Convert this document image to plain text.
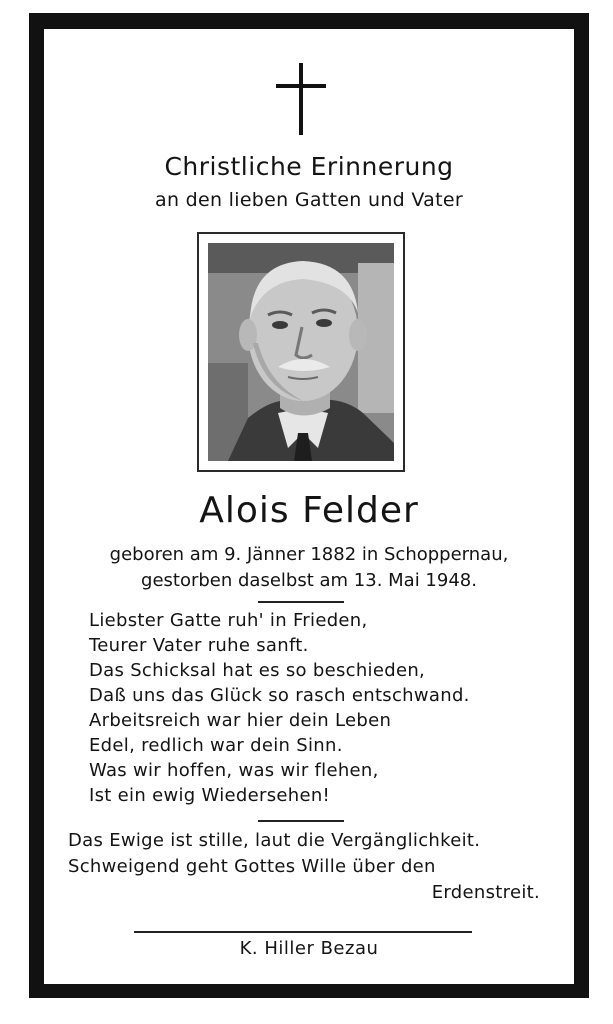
Christliche Erinnerung
an den lieben Gatten und Vater
Alois Felder
geboren am 9. Jänner 1882 in Schoppernau,
gestorben daselbst am 13. Mai 1948.
Liebster Gatte ruh' in Frieden,
Teurer Vater ruhe sanft.
Das Schicksal hat es so beschieden,
Daß uns das Glück so rasch entschwand.
Arbeitsreich war hier dein Leben
Edel, redlich war dein Sinn.
Was wir hoffen, was wir flehen,
Ist ein ewig Wiedersehen!
Das Ewige ist stille, laut die Vergänglichkeit.
Schweigend geht Gottes Wille über den
Erdenstreit.
K. Hiller Bezau
